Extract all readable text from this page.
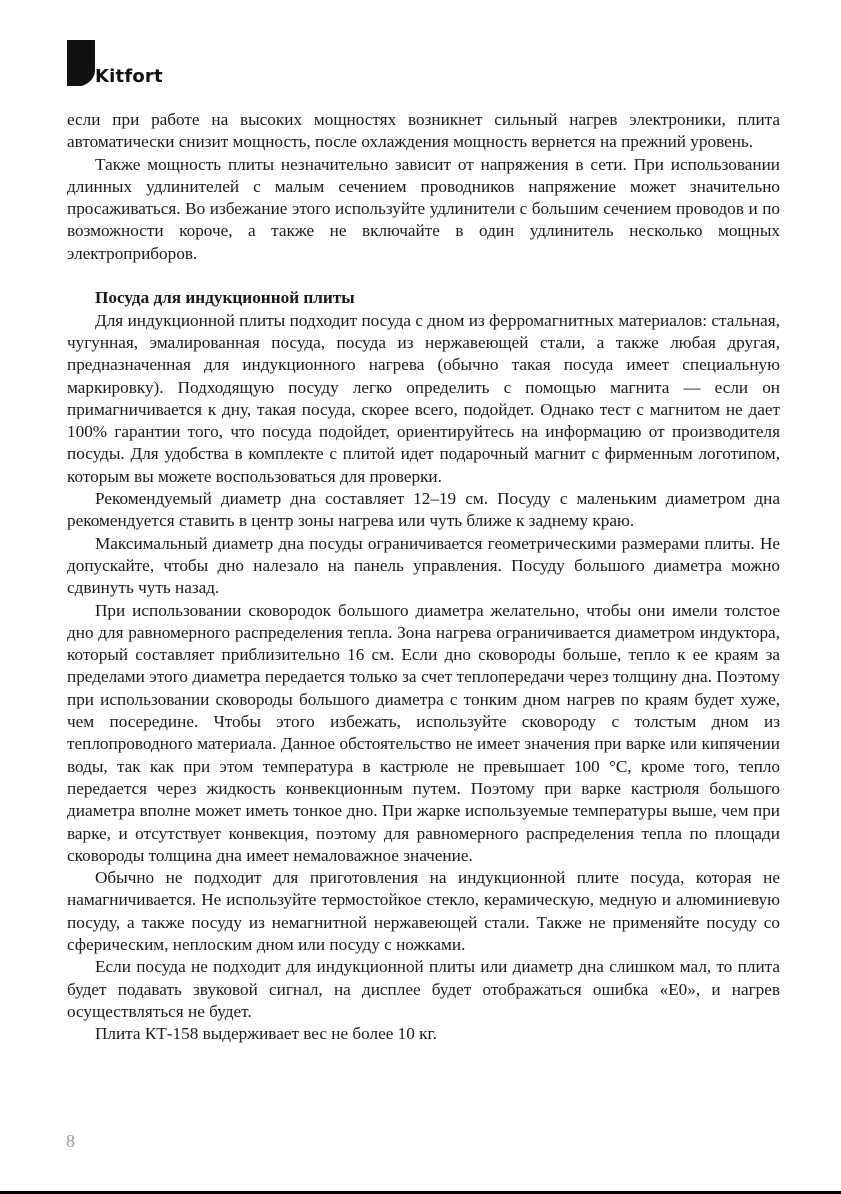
Kitfort

если при работе на высоких мощностях возникнет сильный нагрев электроники, плита автоматически снизит мощность, после охлаждения мощность вернется на прежний уровень.

Также мощность плиты незначительно зависит от напряжения в сети. При использовании длинных удлинителей с малым сечением проводников напряжение может значительно просаживаться. Во избежание этого используйте удлинители с большим сечением проводов и по возможности короче, а также не включайте в один удлинитель несколько мощных электроприборов.

Посуда для индукционной плиты

Для индукционной плиты подходит посуда с дном из ферромагнитных материалов: стальная, чугунная, эмалированная посуда, посуда из нержавеющей стали, а также любая другая, предназначенная для индукционного нагрева (обычно такая посуда имеет специальную маркировку). Подходящую посуду легко определить с помощью магнита — если он примагничивается к дну, такая посуда, скорее всего, подойдет. Однако тест с магнитом не дает 100% гарантии того, что посуда подойдет, ориентируйтесь на информацию от производителя посуды. Для удобства в комплекте с плитой идет подарочный магнит с фирменным логотипом, которым вы можете воспользоваться для проверки.

Рекомендуемый диаметр дна составляет 12–19 см. Посуду с маленьким диаметром дна рекомендуется ставить в центр зоны нагрева или чуть ближе к заднему краю.

Максимальный диаметр дна посуды ограничивается геометрическими размерами плиты. Не допускайте, чтобы дно налезало на панель управления. Посуду большого диаметра можно сдвинуть чуть назад.

При использовании сковородок большого диаметра желательно, чтобы они имели толстое дно для равномерного распределения тепла. Зона нагрева ограничивается диаметром индуктора, который составляет приблизительно 16 см. Если дно сковороды больше, тепло к ее краям за пределами этого диаметра передается только за счет теплопередачи через толщину дна. Поэтому при использовании сковороды большого диаметра с тонким дном нагрев по краям будет хуже, чем посередине. Чтобы этого избежать, используйте сковороду с толстым дном из теплопроводного материала. Данное обстоятельство не имеет значения при варке или кипячении воды, так как при этом температура в кастрюле не превышает 100 °C, кроме того, тепло передается через жидкость конвекционным путем. Поэтому при варке кастрюля большого диаметра вполне может иметь тонкое дно. При жарке используемые температуры выше, чем при варке, и отсутствует конвекция, поэтому для равномерного распределения тепла по площади сковороды толщина дна имеет немаловажное значение.

Обычно не подходит для приготовления на индукционной плите посуда, которая не намагничивается. Не используйте термостойкое стекло, керамическую, медную и алюминиевую посуду, а также посуду из немагнитной нержавеющей стали. Также не применяйте посуду со сферическим, неплоским дном или посуду с ножками.

Если посуда не подходит для индукционной плиты или диаметр дна слишком мал, то плита будет подавать звуковой сигнал, на дисплее будет отображаться ошибка «E0», и нагрев осуществляться не будет.

Плита КТ-158 выдерживает вес не более 10 кг.

8
